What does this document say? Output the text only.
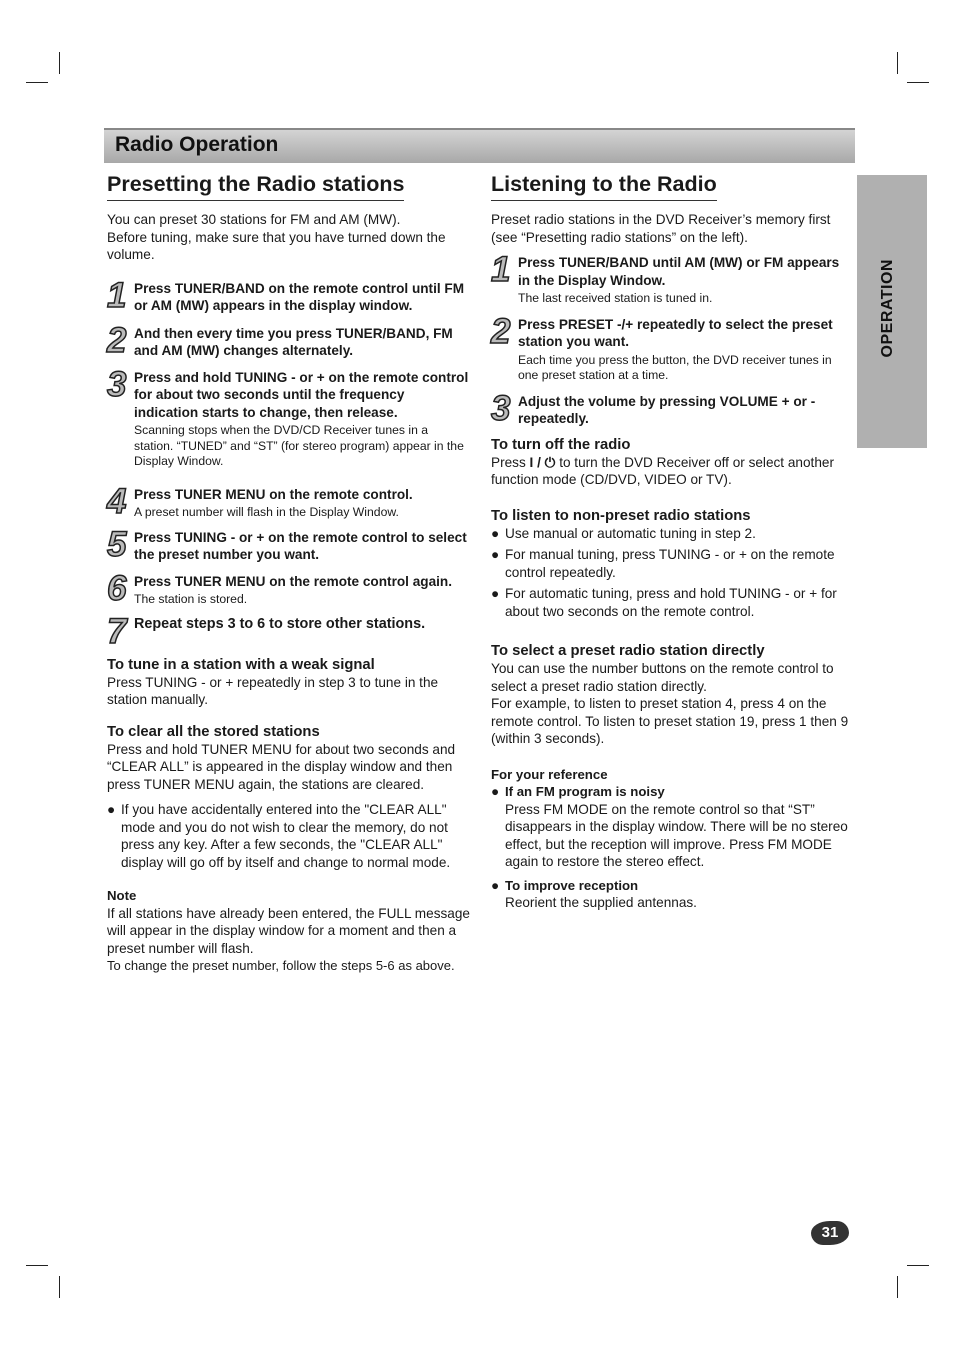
Radio Operation
OPERATION
Presetting the Radio stations

You can preset 30 stations for FM and AM (MW).
Before tuning, make sure that you have turned down the volume.

1 Press TUNER/BAND on the remote control until FM or AM (MW) appears in the display window.

2 And then every time you press TUNER/BAND, FM and AM (MW) changes alternately.

3 Press and hold TUNING - or + on the remote control for about two seconds until the frequency indication starts to change, then release.

Scanning stops when the DVD/CD Receiver tunes in a station. “TUNED” and “ST” (for stereo program) appear in the Display Window.

4 Press TUNER MENU on the remote control.

A preset number will flash in the Display Window.

5 Press TUNING - or + on the remote control to select the preset number you want.

6 Press TUNER MENU on the remote control again.

The station is stored.

7 Repeat steps 3 to 6 to store other stations.

To tune in a station with a weak signal

Press TUNING - or + repeatedly in step 3 to tune in the station manually.

To clear all the stored stations

Press and hold TUNER MENU for about two seconds and “CLEAR ALL” is appeared in the display window and then press TUNER MENU again, the stations are cleared.

● If you have accidentally entered into the "CLEAR ALL" mode and you do not wish to clear the memory, do not press any key. After a few seconds, the "CLEAR ALL" display will go off by itself and change to normal mode.

Note

If all stations have already been entered, the FULL message will appear in the display window for a moment and then a preset number will flash.

To change the preset number, follow the steps 5-6 as above.

Listening to the Radio

Preset radio stations in the DVD Receiver’s memory first (see “Presetting radio stations” on the left).

1 Press TUNER/BAND until AM (MW) or FM appears in the Display Window.

The last received station is tuned in.

2 Press PRESET -/+ repeatedly to select the preset station you want.

Each time you press the button, the DVD receiver tunes in one preset station at a time.

3 Adjust the volume by pressing VOLUME + or - repeatedly.

To turn off the radio

Press I / ⏻ to turn the DVD Receiver off or select another function mode (CD/DVD, VIDEO or TV).

To listen to non-preset radio stations
● Use manual or automatic tuning in step 2.
● For manual tuning, press TUNING - or + on the remote control repeatedly.
● For automatic tuning, press and hold TUNING - or + for about two seconds on the remote control.
To select a preset radio station directly

You can use the number buttons on the remote control to select a preset radio station directly.

For example, to listen to preset station 4, press 4 on the remote control. To listen to preset station 19, press 1 then 9 (within 3 seconds).

For your reference

● If an FM program is noisy
Press FM MODE on the remote control so that “ST” disappears in the display window. There will be no stereo effect, but the reception will improve. Press FM MODE again to restore the stereo effect.
● To improve reception
Reorient the supplied antennas.
31
